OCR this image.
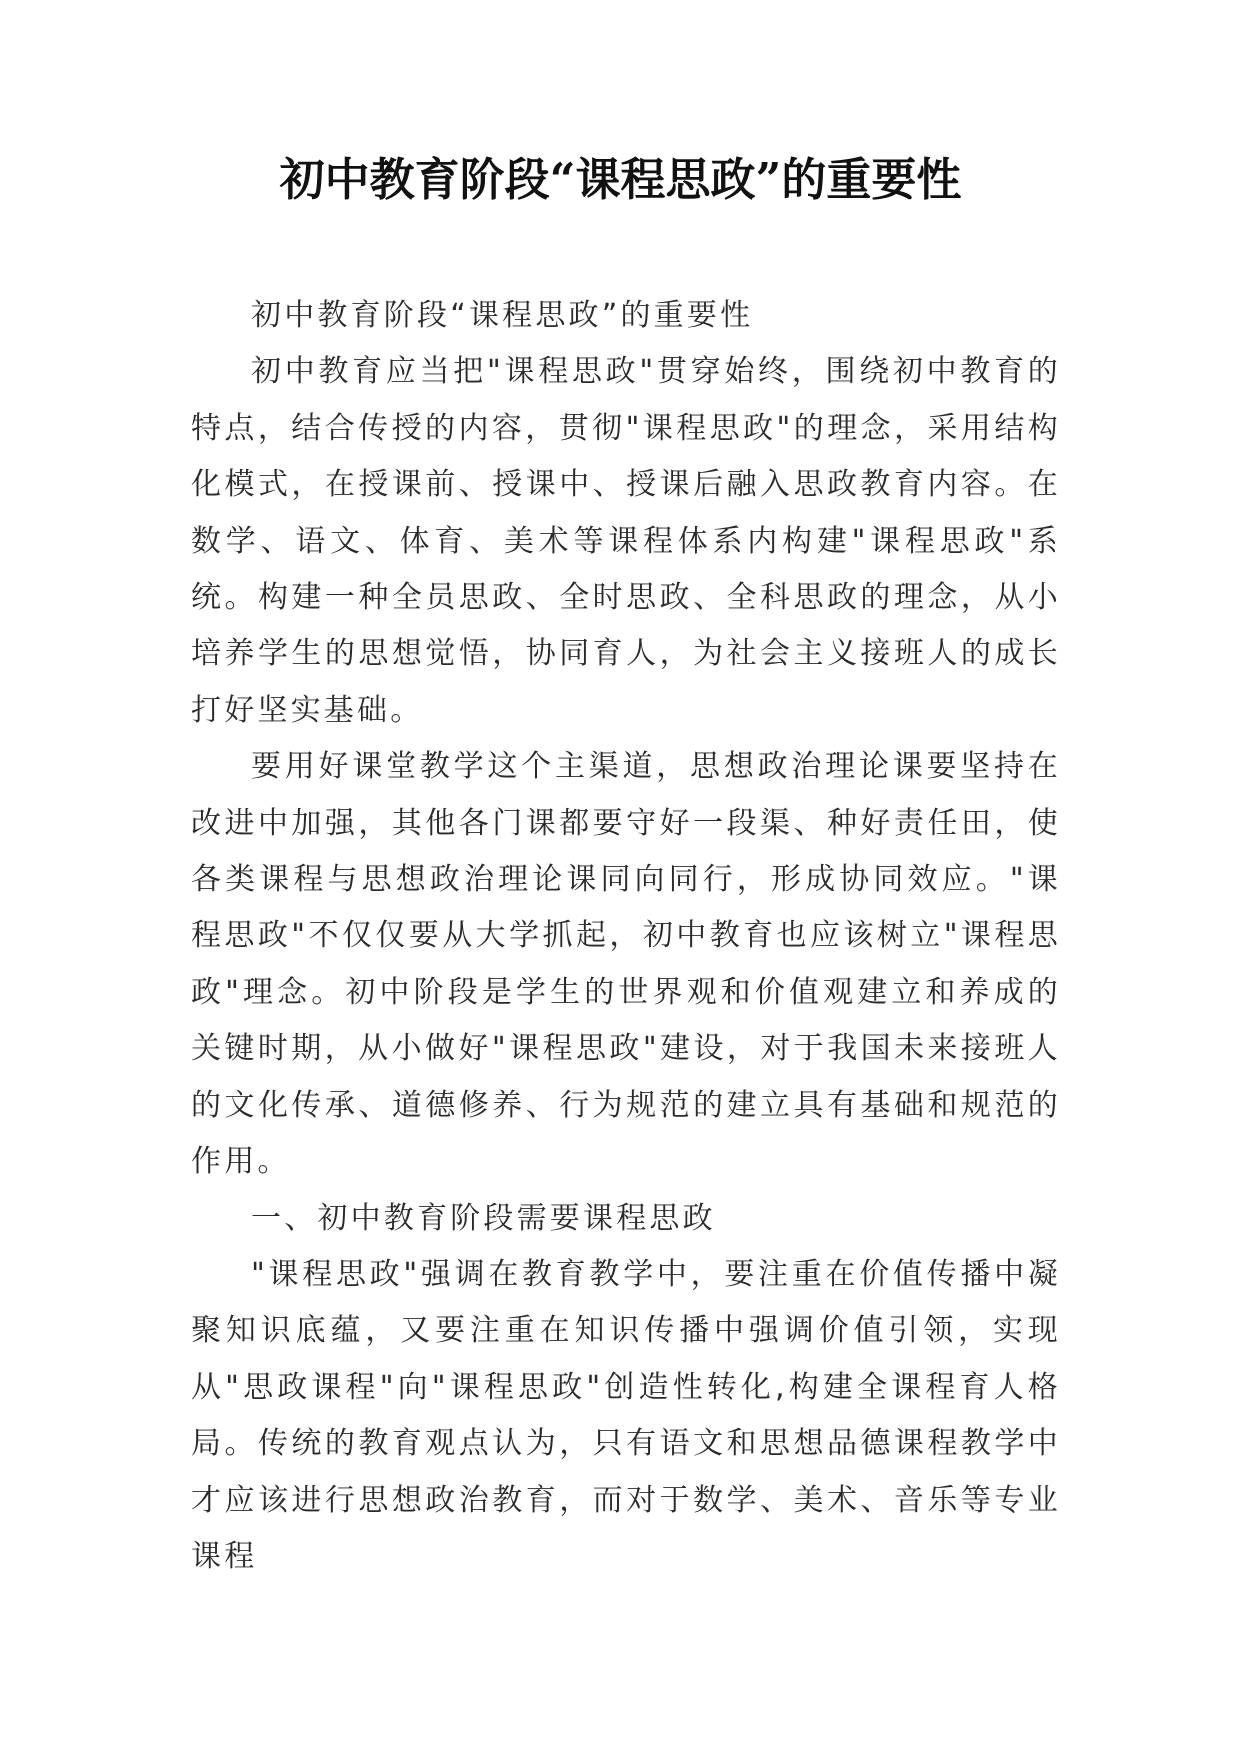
初中教育阶段“课程思政”的重要性

初中教育阶段“课程思政”的重要性

初中教育应当把"课程思政"贯穿始终，围绕初中教育的特点，结合传授的内容，贯彻"课程思政"的理念，采用结构化模式，在授课前、授课中、授课后融入思政教育内容。在数学、语文、体育、美术等课程体系内构建"课程思政"系统。构建一种全员思政、全时思政、全科思政的理念，从小培养学生的思想觉悟，协同育人，为社会主义接班人的成长打好坚实基础。

要用好课堂教学这个主渠道，思想政治理论课要坚持在改进中加强，其他各门课都要守好一段渠、种好责任田，使各类课程与思想政治理论课同向同行，形成协同效应。"课程思政"不仅仅要从大学抓起，初中教育也应该树立"课程思政"理念。初中阶段是学生的世界观和价值观建立和养成的关键时期，从小做好"课程思政"建设，对于我国未来接班人的文化传承、道德修养、行为规范的建立具有基础和规范的作用。

一、初中教育阶段需要课程思政

"课程思政"强调在教育教学中，要注重在价值传播中凝聚知识底蕴，又要注重在知识传播中强调价值引领，实现从"思政课程"向"课程思政"创造性转化,构建全课程育人格局。传统的教育观点认为，只有语文和思想品德课程教学中才应该进行思想政治教育，而对于数学、美术、音乐等专业课程
